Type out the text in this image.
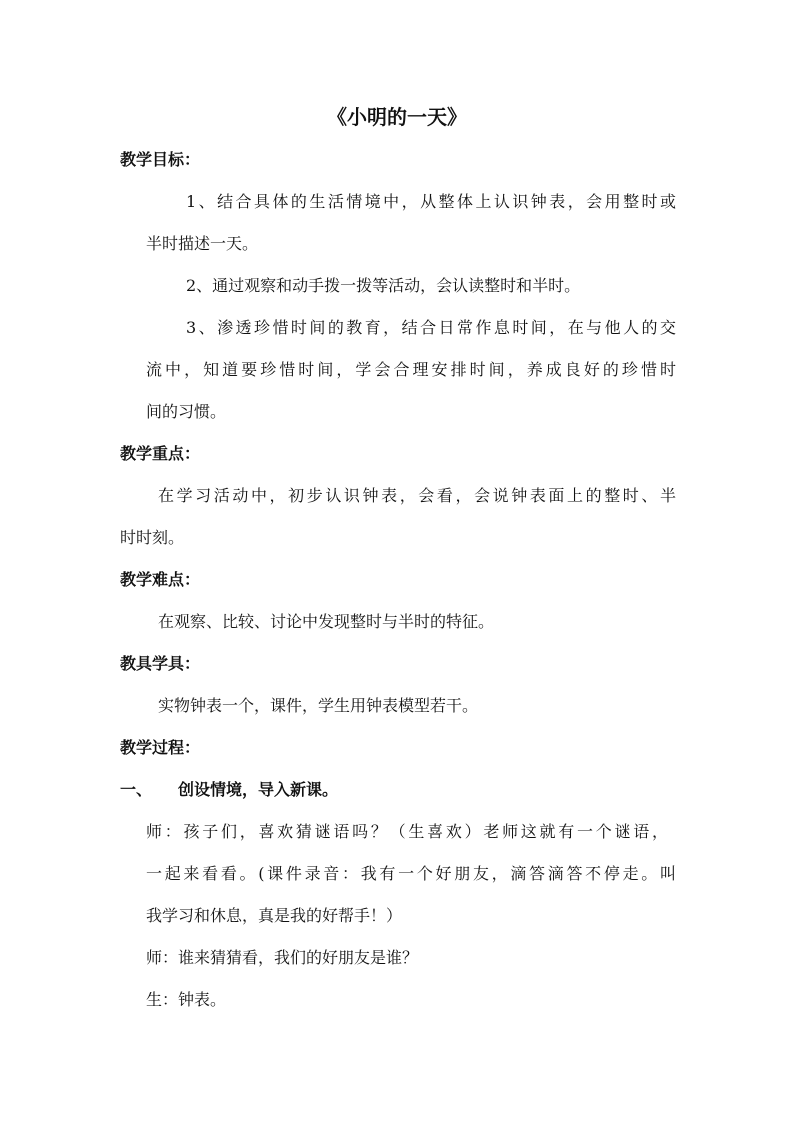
《小明的一天》
教学目标：
1、结合具体的生活情境中，从整体上认识钟表，会用整时或
半时描述一天。
2、通过观察和动手拨一拨等活动，会认读整时和半时。
3、渗透珍惜时间的教育，结合日常作息时间，在与他人的交
流中，知道要珍惜时间，学会合理安排时间，养成良好的珍惜时
间的习惯。
教学重点：
在学习活动中，初步认识钟表，会看，会说钟表面上的整时、半
时时刻。
教学难点：
在观察、比较、讨论中发现整时与半时的特征。
教具学具：
实物钟表一个，课件，学生用钟表模型若干。
教学过程：
一、 创设情境，导入新课。
师：孩子们，喜欢猜谜语吗？（生喜欢）老师这就有一个谜语，
一起来看看。(课件录音：我有一个好朋友，滴答滴答不停走。叫
我学习和休息，真是我的好帮手！）
师：谁来猜猜看，我们的好朋友是谁？
生：钟表。
